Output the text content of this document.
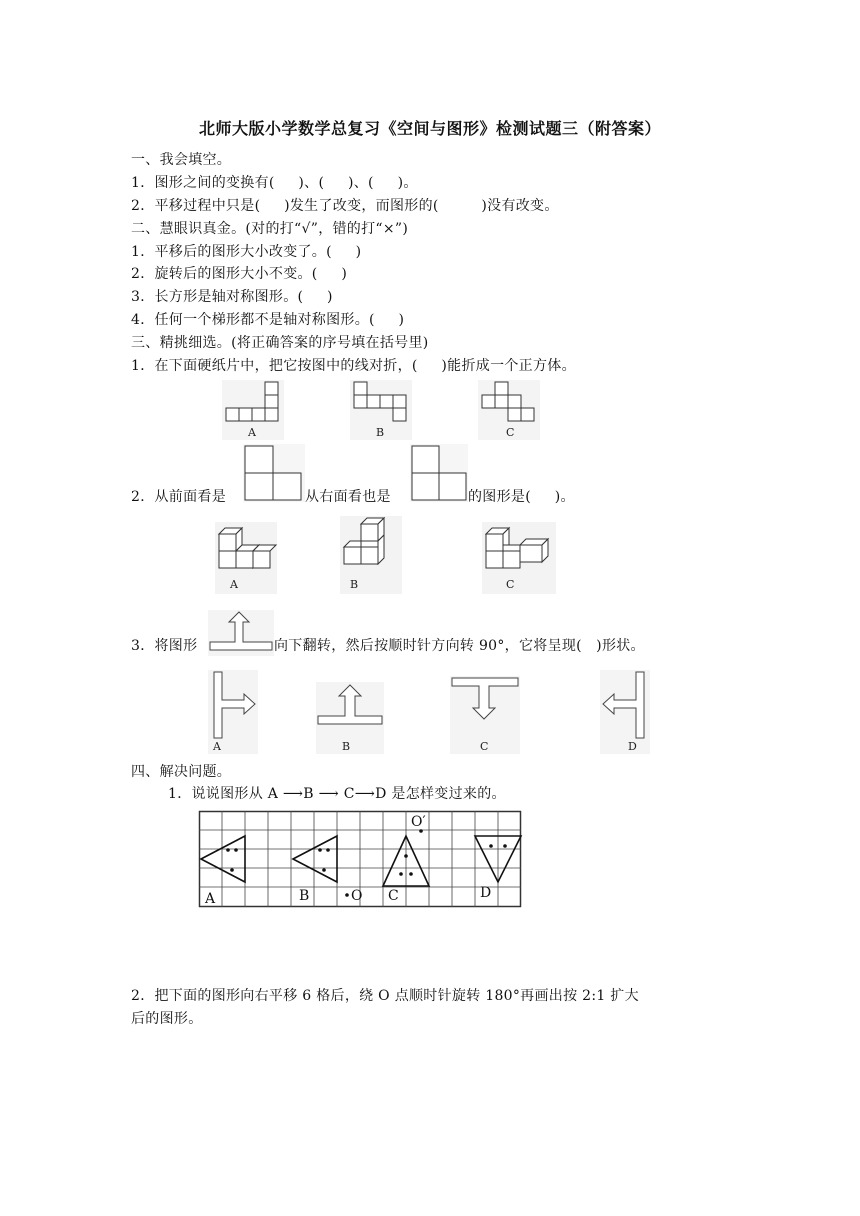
北师大版小学数学总复习《空间与图形》检测试题三（附答案）
一、我会填空。
1．图形之间的变换有(     )、(     )、(     )。
2．平移过程中只是(     )发生了改变，而图形的(         )没有改变。
二、慧眼识真金。(对的打“√”，错的打“×”)
1．平移后的图形大小改变了。(     )
2．旋转后的图形大小不变。(     )
3．长方形是轴对称图形。(     )
4．任何一个梯形都不是轴对称图形。(     )
三、精挑细选。(将正确答案的序号填在括号里)
1．在下面硬纸片中，把它按图中的线对折，(     )能折成一个正方体。
A	B	C
2．从前面看是	从右面看也是	的图形是(     )。
A	B	C
3．将图形	向下翻转，然后按顺时针方向转 90°，它将呈现(   )形状。
A	B	C	D
四、解决问题。
1．说说图形从 A ⟶B ⟶ C⟶D 是怎样变过来的。
A	B	C	D
O
O′
2．把下面的图形向右平移 6 格后，绕 O 点顺时针旋转 180°再画出按 2:1 扩大
后的图形。
